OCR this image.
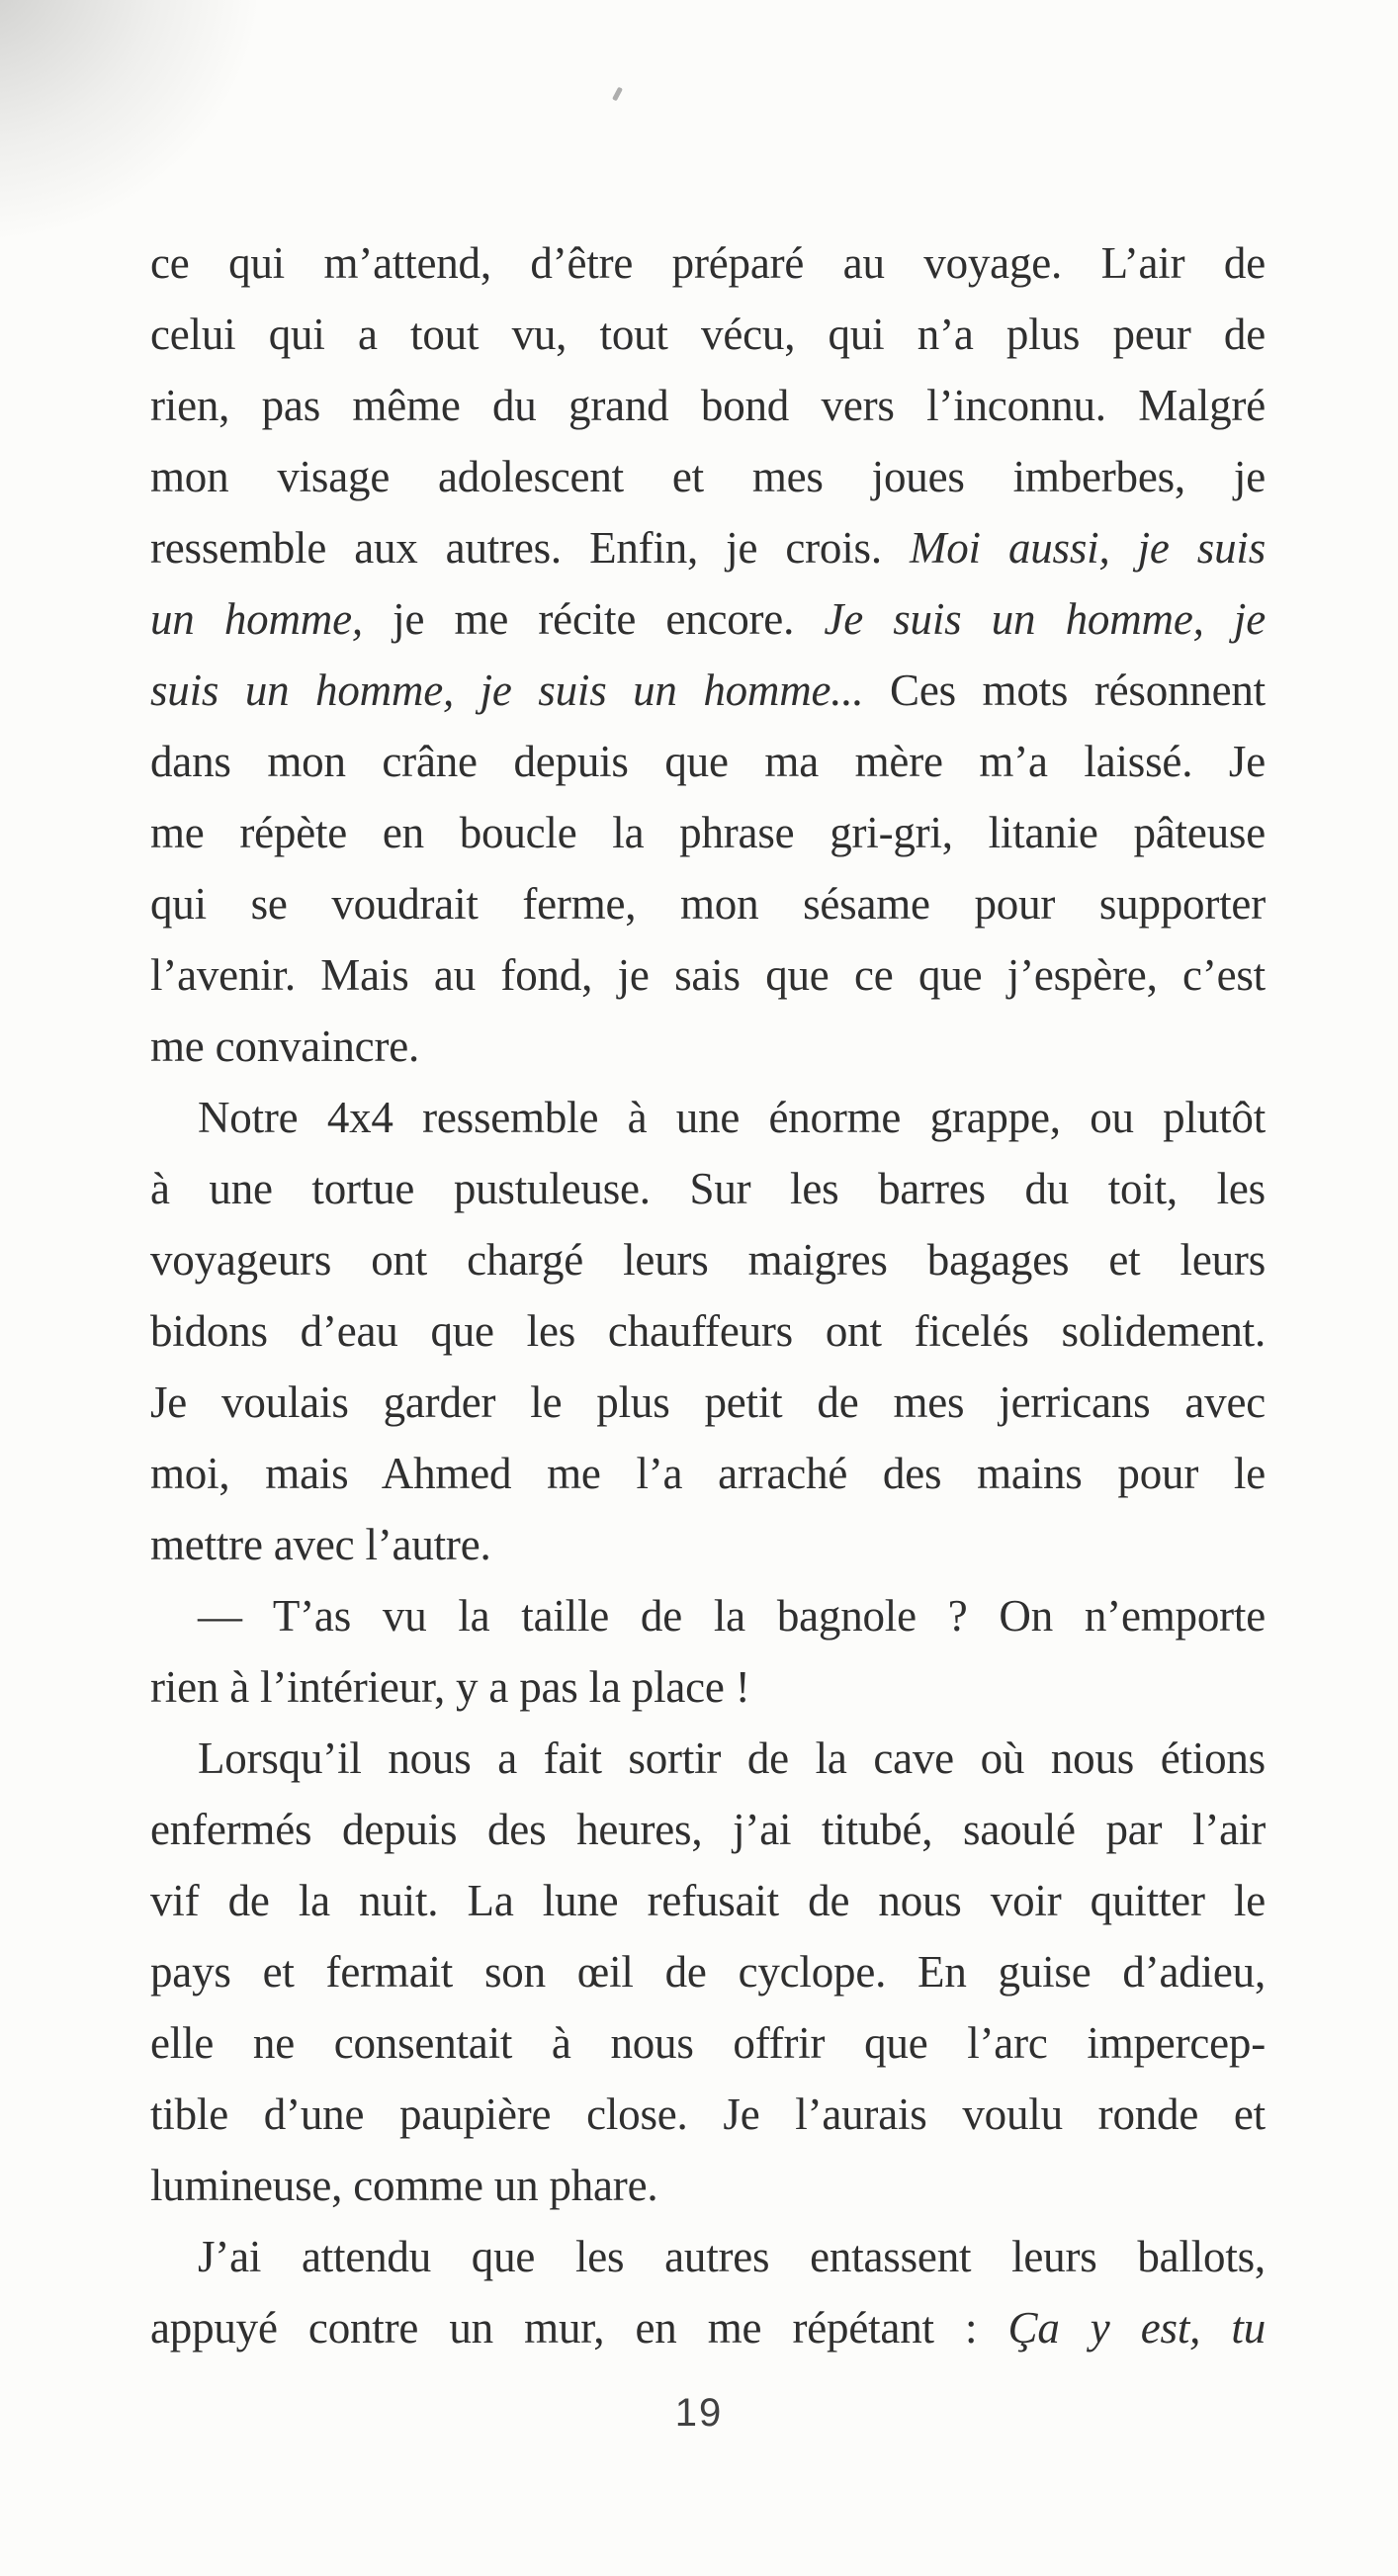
ce qui m’attend, d’être préparé au voyage. L’air de
celui qui a tout vu, tout vécu, qui n’a plus peur de
rien, pas même du grand bond vers l’inconnu. Malgré
mon visage adolescent et mes joues imberbes, je
ressemble aux autres. Enfin, je crois. Moi aussi, je suis
un homme, je me récite encore. Je suis un homme, je
suis un homme, je suis un homme... Ces mots résonnent
dans mon crâne depuis que ma mère m’a laissé. Je
me répète en boucle la phrase gri-gri, litanie pâteuse
qui se voudrait ferme, mon sésame pour supporter
l’avenir. Mais au fond, je sais que ce que j’espère, c’est
me convaincre.
Notre 4x4 ressemble à une énorme grappe, ou plutôt
à une tortue pustuleuse. Sur les barres du toit, les
voyageurs ont chargé leurs maigres bagages et leurs
bidons d’eau que les chauffeurs ont ficelés solidement.
Je voulais garder le plus petit de mes jerricans avec
moi, mais Ahmed me l’a arraché des mains pour le
mettre avec l’autre.
— T’as vu la taille de la bagnole ? On n’emporte
rien à l’intérieur, y a pas la place !
Lorsqu’il nous a fait sortir de la cave où nous étions
enfermés depuis des heures, j’ai titubé, saoulé par l’air
vif de la nuit. La lune refusait de nous voir quitter le
pays et fermait son œil de cyclope. En guise d’adieu,
elle ne consentait à nous offrir que l’arc impercep-
tible d’une paupière close. Je l’aurais voulu ronde et
lumineuse, comme un phare.
J’ai attendu que les autres entassent leurs ballots,
appuyé contre un mur, en me répétant : Ça y est, tu
19
